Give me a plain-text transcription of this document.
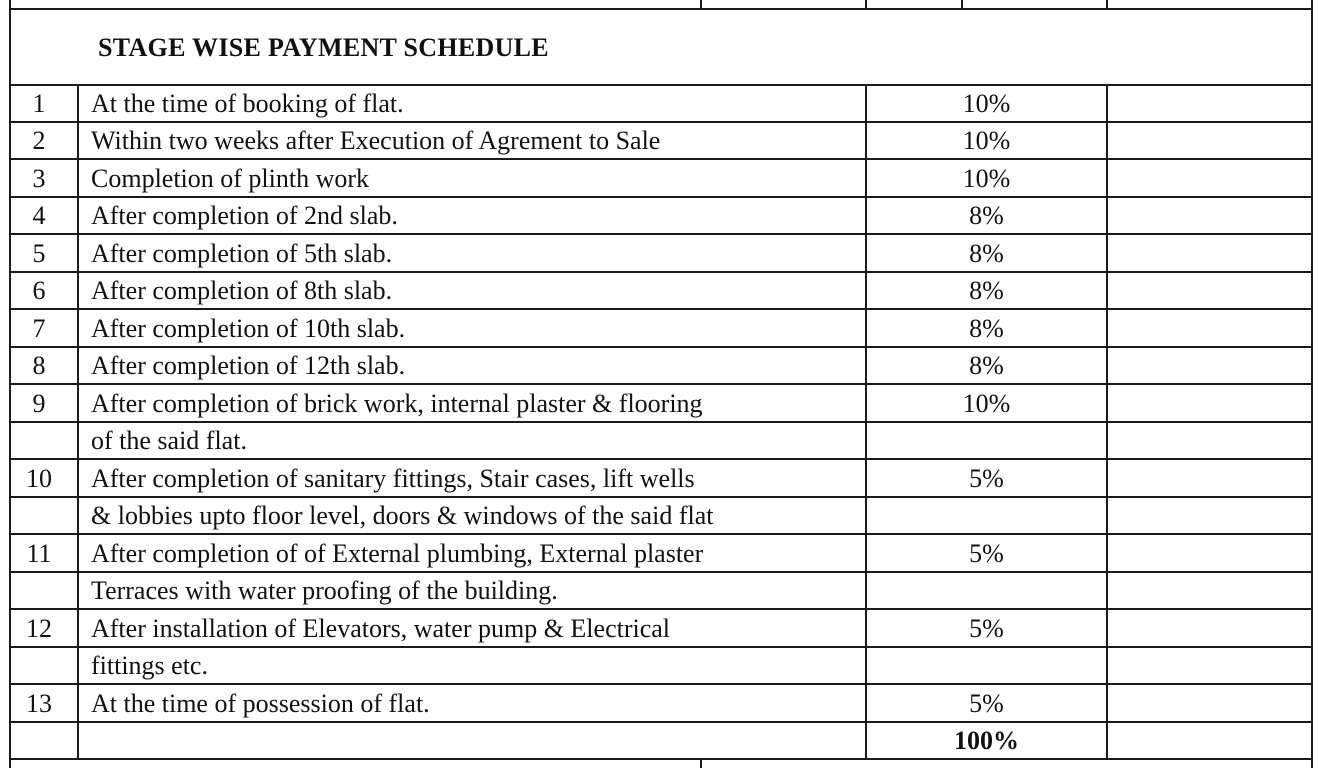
STAGE WISE PAYMENT SCHEDULE
1	At the time of booking of flat.	10%
2	Within two weeks after Execution of Agrement to Sale	10%
3	Completion of plinth work	10%
4	After completion of 2nd slab.	8%
5	After completion of 5th slab.	8%
6	After completion of 8th slab.	8%
7	After completion of 10th slab.	8%
8	After completion of 12th slab.	8%
9	After completion of brick work, internal plaster & flooring	10%
of the said flat.
10	After completion of sanitary fittings, Stair cases, lift wells	5%
& lobbies upto floor level, doors & windows of the said flat
11	After completion of of External plumbing, External plaster	5%
Terraces with water proofing of the building.
12	After installation of Elevators, water pump & Electrical	5%
fittings etc.
13	At the time of possession of flat.	5%
100%
